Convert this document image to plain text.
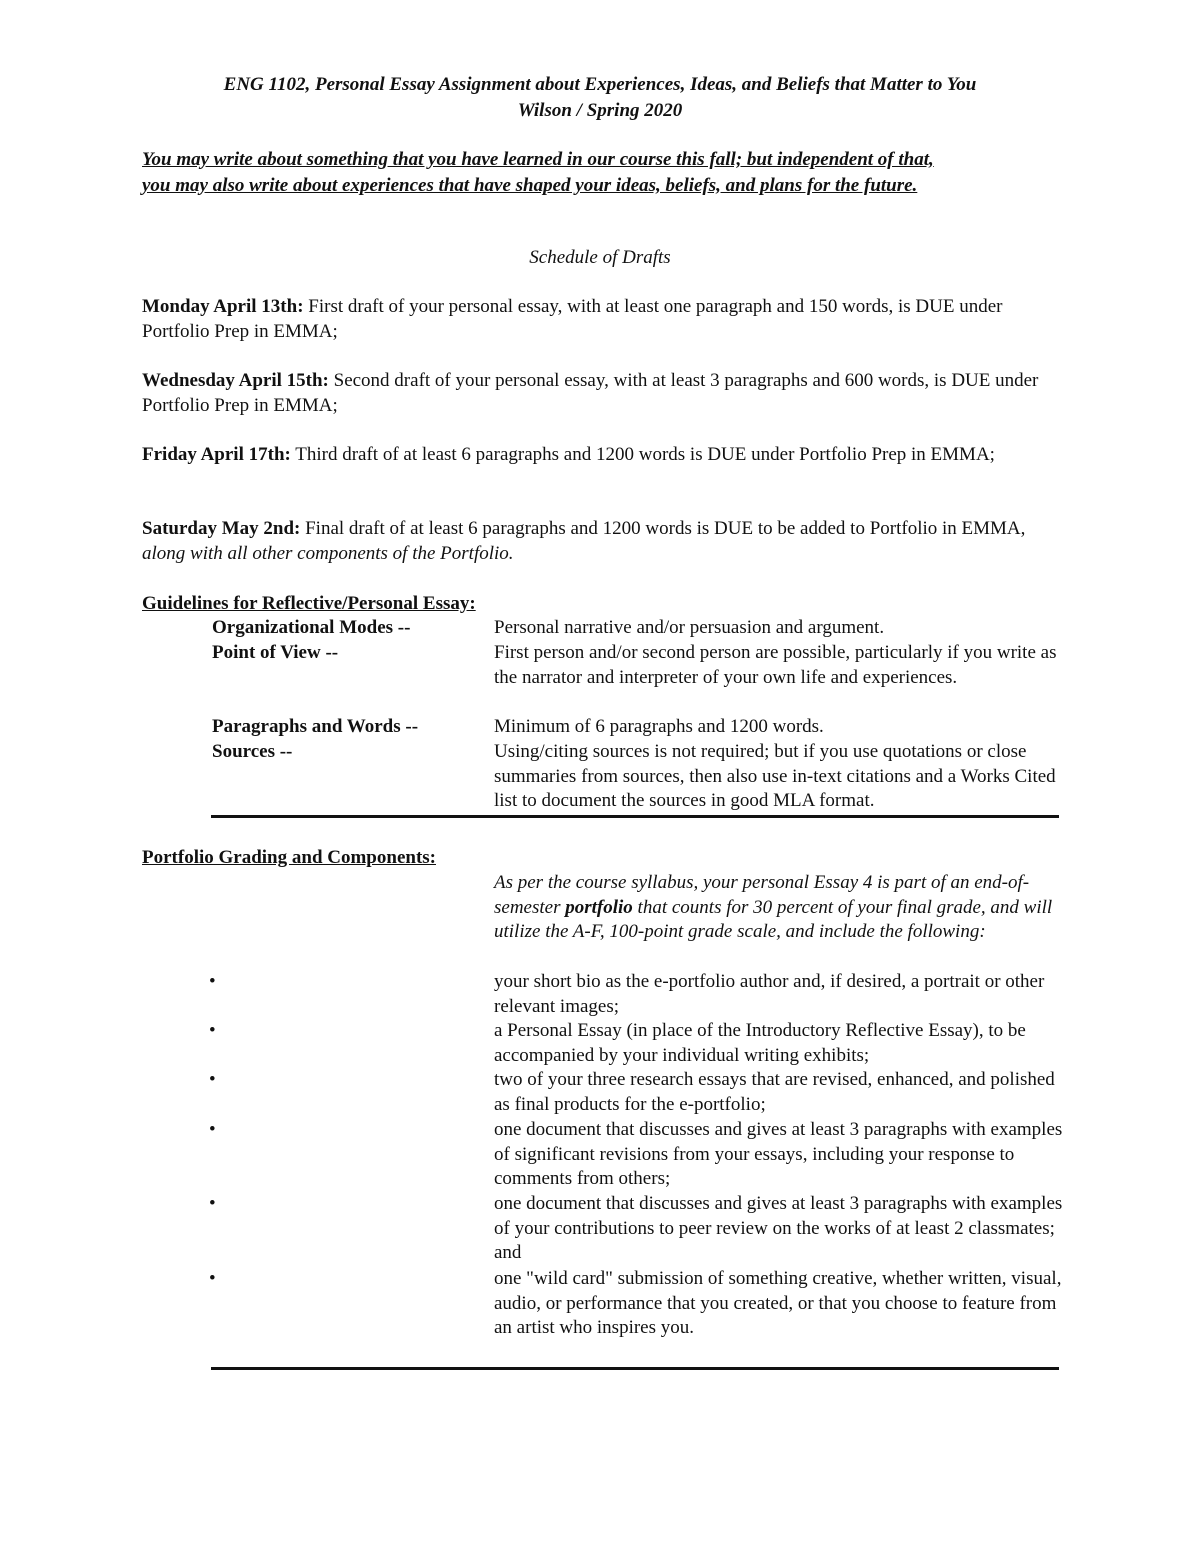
ENG 1102, Personal Essay Assignment about Experiences, Ideas, and Beliefs that Matter to You
Wilson / Spring 2020
You may write about something that you have learned in our course this fall; but independent of that,
you may also write about experiences that have shaped your ideas, beliefs, and plans for the future.
Schedule of Drafts
Monday April 13th: First draft of your personal essay, with at least one paragraph and 150 words, is DUE under Portfolio Prep in EMMA;
Wednesday April 15th: Second draft of your personal essay, with at least 3 paragraphs and 600 words, is DUE under Portfolio Prep in EMMA;
Friday April 17th: Third draft of at least 6 paragraphs and 1200 words is DUE under Portfolio Prep in EMMA;
Saturday May 2nd: Final draft of at least 6 paragraphs and 1200 words is DUE to be added to Portfolio in EMMA, along with all other components of the Portfolio.
Guidelines for Reflective/Personal Essay:
Organizational Modes --	Personal narrative and/or persuasion and argument.
Point of View --	First person and/or second person are possible, particularly if you write as the narrator and interpreter of your own life and experiences.
Paragraphs and Words --	Minimum of 6 paragraphs and 1200 words.
Sources --	Using/citing sources is not required; but if you use quotations or close summaries from sources, then also use in-text citations and a Works Cited list to document the sources in good MLA format.
Portfolio Grading and Components:
As per the course syllabus, your personal Essay 4 is part of an end-of-semester portfolio that counts for 30 percent of your final grade, and will utilize the A-F, 100-point grade scale, and include the following:
•	your short bio as the e-portfolio author and, if desired, a portrait or other relevant images;
•	a Personal Essay (in place of the Introductory Reflective Essay), to be accompanied by your individual writing exhibits;
•	two of your three research essays that are revised, enhanced, and polished as final products for the e-portfolio;
•	one document that discusses and gives at least 3 paragraphs with examples of significant revisions from your essays, including your response to comments from others;
•	one document that discusses and gives at least 3 paragraphs with examples of your contributions to peer review on the works of at least 2 classmates; and
•	one "wild card" submission of something creative, whether written, visual, audio, or performance that you created, or that you choose to feature from an artist who inspires you.
